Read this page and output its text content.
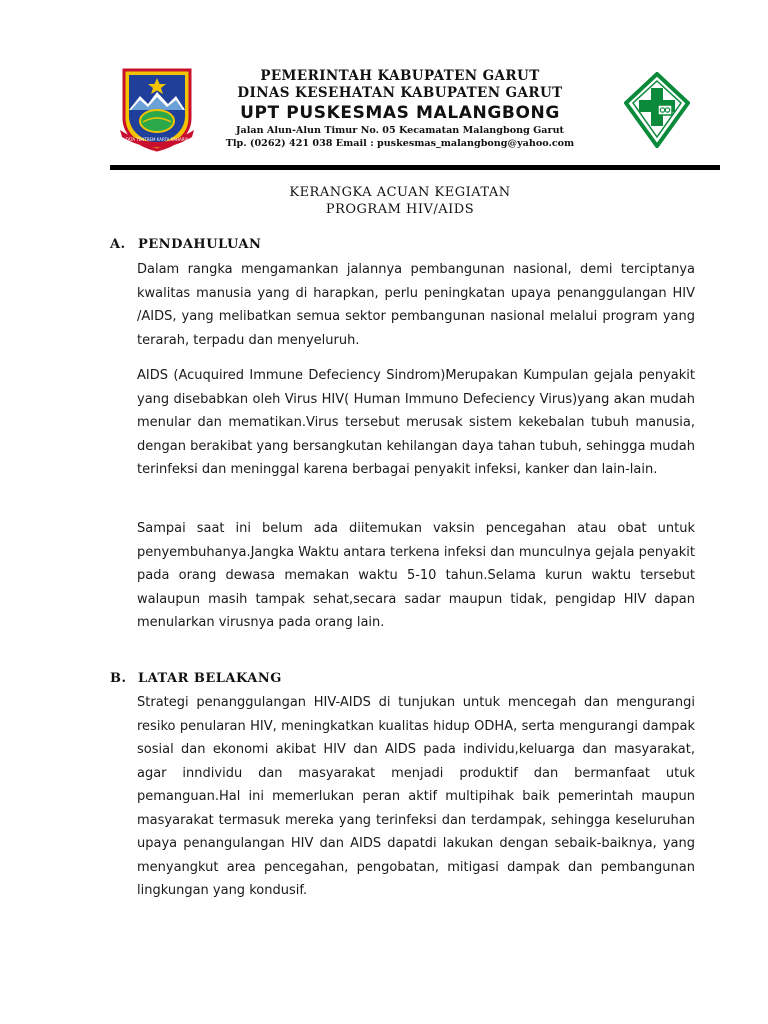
TATA TENTREM KARTA RAHARJA
PEMERINTAH KABUPATEN GARUT
DINAS KESEHATAN KABUPATEN GARUT
UPT PUSKESMAS MALANGBONG
Jalan Alun-Alun Timur No. 05 Kecamatan Malangbong Garut
Tlp. (0262) 421 038 Email : puskesmas_malangbong@yahoo.com
KERANGKA ACUAN KEGIATAN
PROGRAM HIV/AIDS
A. PENDAHULUAN
Dalam rangka mengamankan jalannya pembangunan nasional, demi terciptanya kwalitas manusia yang di harapkan, perlu peningkatan upaya penanggulangan HIV /AIDS, yang melibatkan semua sektor pembangunan nasional melalui program yang terarah, terpadu dan menyeluruh.
AIDS (Acuquired Immune Defeciency Sindrom)Merupakan Kumpulan gejala penyakit yang disebabkan oleh Virus HIV( Human Immuno Defeciency Virus)yang akan mudah menular dan mematikan.Virus tersebut merusak sistem kekebalan tubuh manusia, dengan berakibat yang bersangkutan kehilangan daya tahan tubuh, sehingga mudah terinfeksi dan meninggal karena berbagai penyakit infeksi, kanker dan lain-lain.
Sampai saat ini belum ada diitemukan vaksin pencegahan atau obat untuk penyembuhanya.Jangka Waktu antara terkena infeksi dan munculnya gejala penyakit pada orang dewasa memakan waktu 5-10 tahun.Selama kurun waktu tersebut walaupun masih tampak sehat,secara sadar maupun tidak, pengidap HIV dapan menularkan virusnya pada orang lain.
B. LATAR BELAKANG
Strategi penanggulangan HIV-AIDS di tunjukan untuk mencegah dan mengurangi resiko penularan HIV, meningkatkan kualitas hidup ODHA, serta mengurangi dampak sosial dan ekonomi akibat HIV dan AIDS pada individu,keluarga dan masyarakat, agar inndividu dan masyarakat menjadi produktif dan bermanfaat utuk pemanguan.Hal ini memerlukan peran aktif multipihak baik pemerintah maupun masyarakat termasuk mereka yang terinfeksi dan terdampak, sehingga keseluruhan upaya penangulangan HIV dan AIDS dapatdi lakukan dengan sebaik-baiknya, yang menyangkut area pencegahan, pengobatan, mitigasi dampak dan pembangunan lingkungan yang kondusif.
